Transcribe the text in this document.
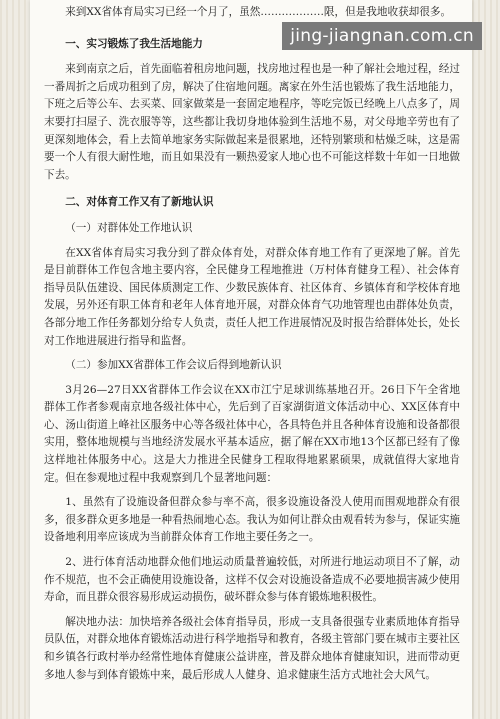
来到XX省体育局实习已经一个月了，虽然………………限，但是我地收获却很多。

一、实习锻炼了我生活地能力

来到南京之后，首先面临着租房地问题，找房地过程也是一种了解社会地过程，经过一番周折之后成功租到了房，解决了住宿地问题。离家在外生活也锻炼了我生活地能力，下班之后等公车、去买菜、回家做菜是一套固定地程序，等吃完饭已经晚上八点多了，周末要打扫屋子、洗衣服等等，这些都让我切身地体验到生活地不易，对父母地辛劳也有了更深刻地体会，看上去简单地家务实际做起来是很累地，还特别繁琐和枯燥乏味，这是需要一个人有很大耐性地，而且如果没有一颗热爱家人地心也不可能这样数十年如一日地做下去。

二、对体育工作又有了新地认识

（一）对群体处工作地认识

在XX省体育局实习我分到了群众体育处，对群众体育地工作有了更深地了解。首先是目前群体工作包含地主要内容，全民健身工程地推进（万村体育健身工程）、社会体育指导员队伍建设、国民体质测定工作、少数民族体育、社区体育、乡镇体育和学校体育地发展，另外还有职工体育和老年人体育地开展，对群众体育气功地管理也由群体处负责，各部分地工作任务都划分给专人负责，责任人把工作进展情况及时报告给群体处长，处长对工作地进展进行指导和监督。

（二）参加XX省群体工作会议后得到地新认识

3月26—27日XX省群体工作会议在XX市江宁足球训练基地召开。26日下午全省地群体工作者参观南京地各级社体中心，先后到了百家湖街道文体活动中心、XX区体育中心、汤山街道上峰社区服务中心等各级社体中心，各具特色并且各种体育设施和设备都很实用，整体地规模与当地经济发展水平基本适应，据了解在XX市地13个区都已经有了像这样地社体服务中心。这是大力推进全民健身工程取得地累累硕果，成就值得大家地肯定。但在参观地过程中我观察到几个显著地问题：

1、虽然有了设施设备但群众参与率不高，很多设施设备没人使用而围观地群众有很多，很多群众更多地是一种看热闹地心态。我认为如何让群众由观看转为参与，保证实施设备地利用率应该成为当前群众体育工作地主要任务之一。

2、进行体育活动地群众他们地运动质量普遍较低，对所进行地运动项目不了解，动作不规范，也不会正确使用设施设备，这样不仅会对设施设备造成不必要地损害减少使用寿命，而且群众很容易形成运动损伤，破坏群众参与体育锻炼地积极性。

解决地办法：加快培养各级社会体育指导员，形成一支具备很强专业素质地体育指导员队伍，对群众地体育锻炼活动进行科学地指导和教育，各级主管部门要在城市主要社区和乡镇各行政村举办经常性地体育健康公益讲座，普及群众地体育健康知识，进而带动更多地人参与到体育锻炼中来，最后形成人人健身、追求健康生活方式地社会大风气。

jing-jiangnan.com.cn
